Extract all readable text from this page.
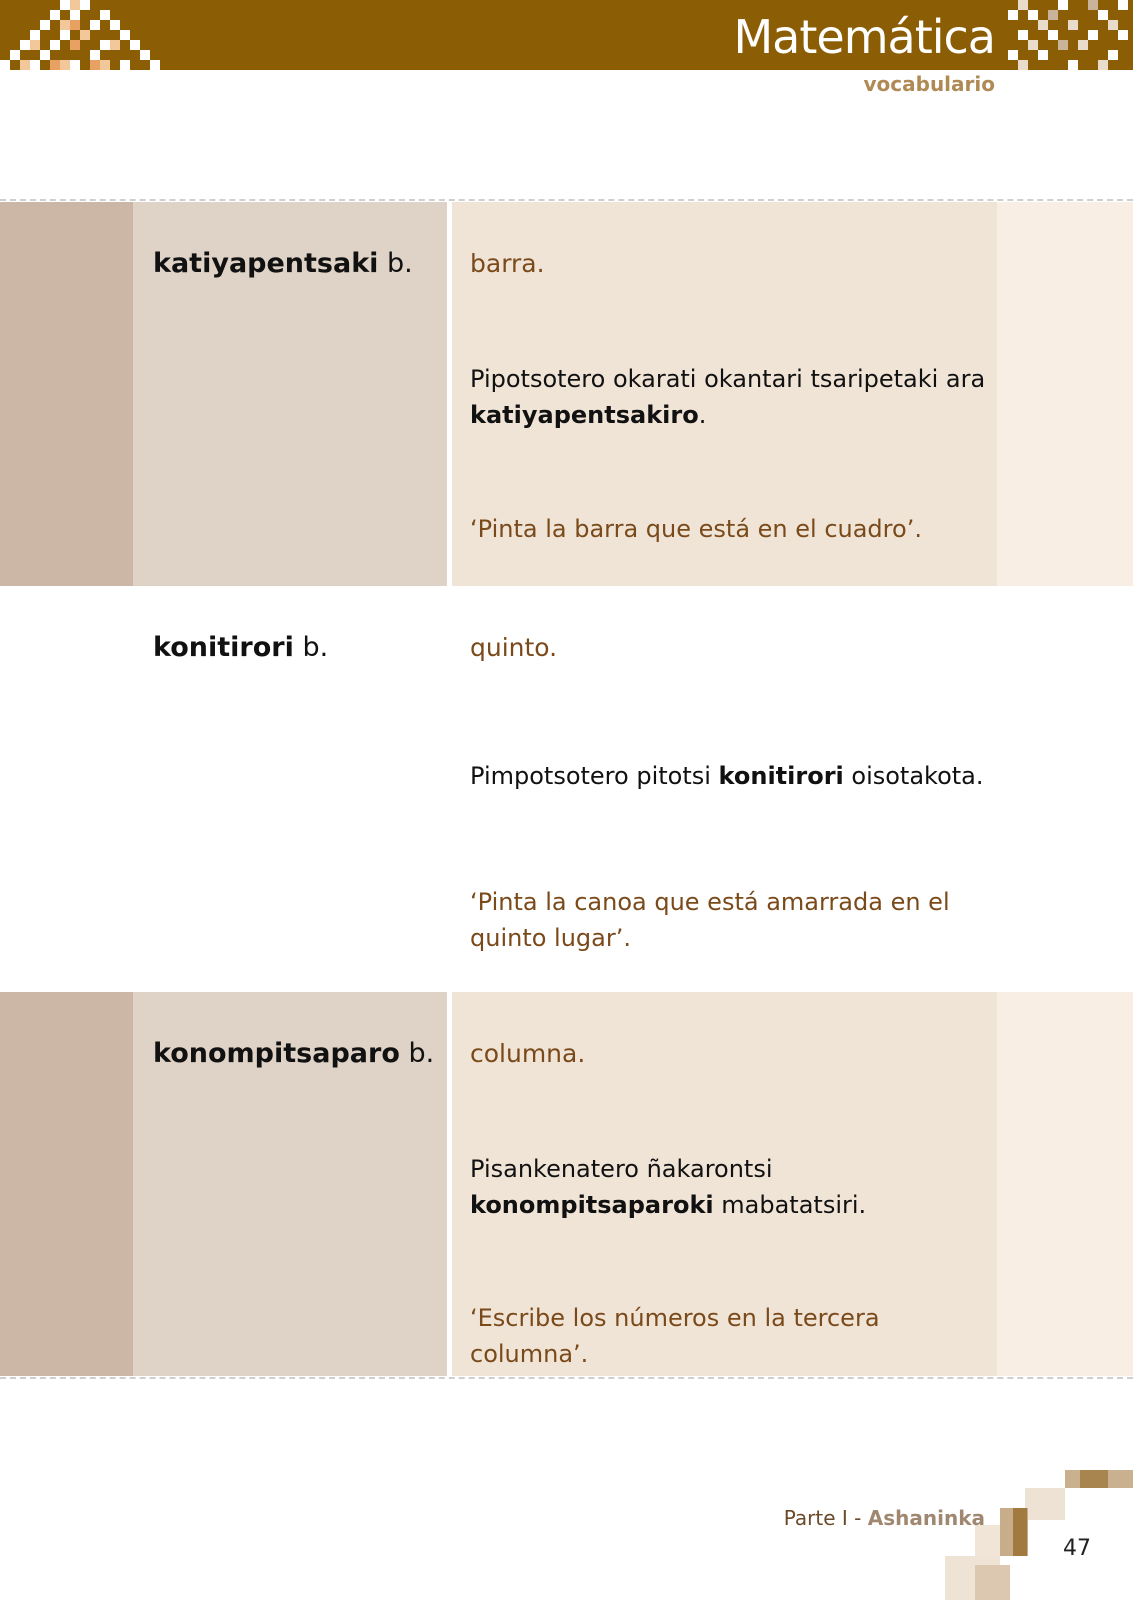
Matemática
vocabulario
katiyapentsaki b. barra.
Pipotsotero okarati okantari tsaripetaki ara katiyapentsakiro.
‘Pinta la barra que está en el cuadro’.
konitirori b.	quinto.
Pimpotsotero pitotsi konitirori oisotakota.
‘Pinta la canoa que está amarrada en el quinto lugar’.
konompitsaparo b. columna.
Pisankenatero ñakarontsi konompitsaparoki mabatatsiri.
‘Escribe los números en la tercera columna’.
Parte I - Ashaninka
47
